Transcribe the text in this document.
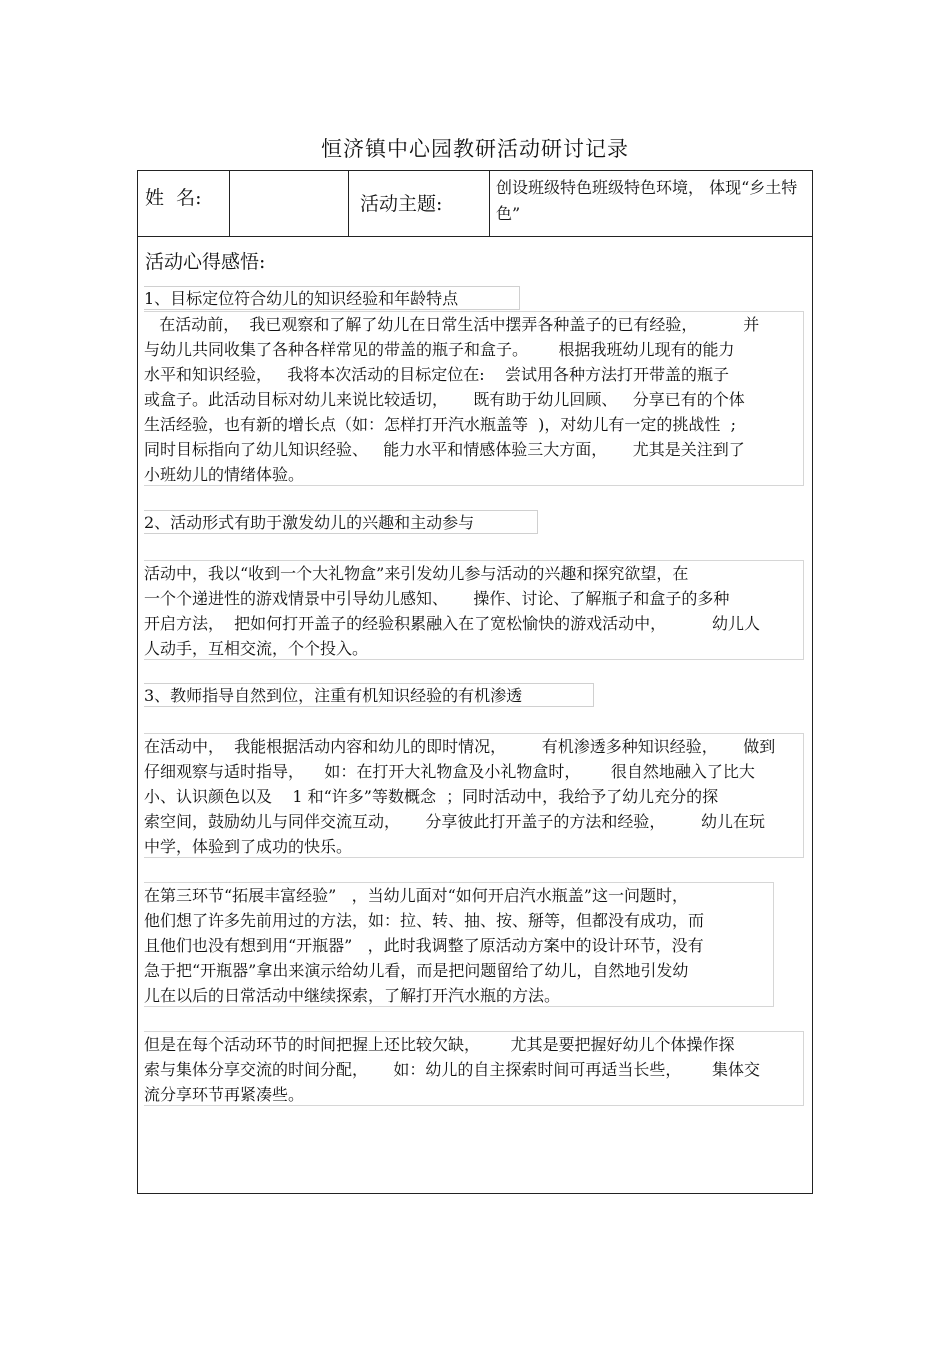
恒济镇中心园教研活动研讨记录
姓  名:	活动主题:
创设班级特色班级特色环境， 体现“乡土特色”
活动心得感悟:
1、目标定位符合幼儿的知识经验和年龄特点
在活动前，  我已观察和了解了幼儿在日常生活中摆弄各种盖子的已有经验，         并
与幼儿共同收集了各种各样常见的带盖的瓶子和盒子。      根据我班幼儿现有的能力
水平和知识经验，   我将本次活动的目标定位在:    尝试用各种方法打开带盖的瓶子
或盒子。此活动目标对幼儿来说比较适切，     既有助于幼儿回顾、   分享已有的个体
生活经验，也有新的增长点（如：怎样打开汽水瓶盖等  )，对幼儿有一定的挑战性  ;
同时目标指向了幼儿知识经验、   能力水平和情感体验三大方面，     尤其是关注到了
小班幼儿的情绪体验。
2、活动形式有助于激发幼儿的兴趣和主动参与
活动中，我以“收到一个大礼物盒”来引发幼儿参与活动的兴趣和探究欲望，在
一个个递进性的游戏情景中引导幼儿感知、     操作、讨论、了解瓶子和盒子的多种
开启方法，  把如何打开盖子的经验积累融入在了宽松愉快的游戏活动中，         幼儿人
人动手，互相交流，个个投入。
3、教师指导自然到位，注重有机知识经验的有机渗透
在活动中，  我能根据活动内容和幼儿的即时情况，       有机渗透多种知识经验，     做到
仔细观察与适时指导，    如：在打开大礼物盒及小礼物盒时，      很自然地融入了比大
小、认识颜色以及    1 和“许多”等数概念  ；同时活动中，我给予了幼儿充分的探
索空间，鼓励幼儿与同伴交流互动，     分享彼此打开盖子的方法和经验，       幼儿在玩
中学，体验到了成功的快乐。
在第三环节“拓展丰富经验”   ，当幼儿面对“如何开启汽水瓶盖”这一问题时，
他们想了许多先前用过的方法，如：拉、转、抽、按、掰等，但都没有成功，而
且他们也没有想到用“开瓶器”   ，此时我调整了原活动方案中的设计环节，没有
急于把“开瓶器”拿出来演示给幼儿看，而是把问题留给了幼儿，自然地引发幼
儿在以后的日常活动中继续探索，了解打开汽水瓶的方法。
但是在每个活动环节的时间把握上还比较欠缺，      尤其是要把握好幼儿个体操作探
索与集体分享交流的时间分配，     如：幼儿的自主探索时间可再适当长些，      集体交
流分享环节再紧凑些。
